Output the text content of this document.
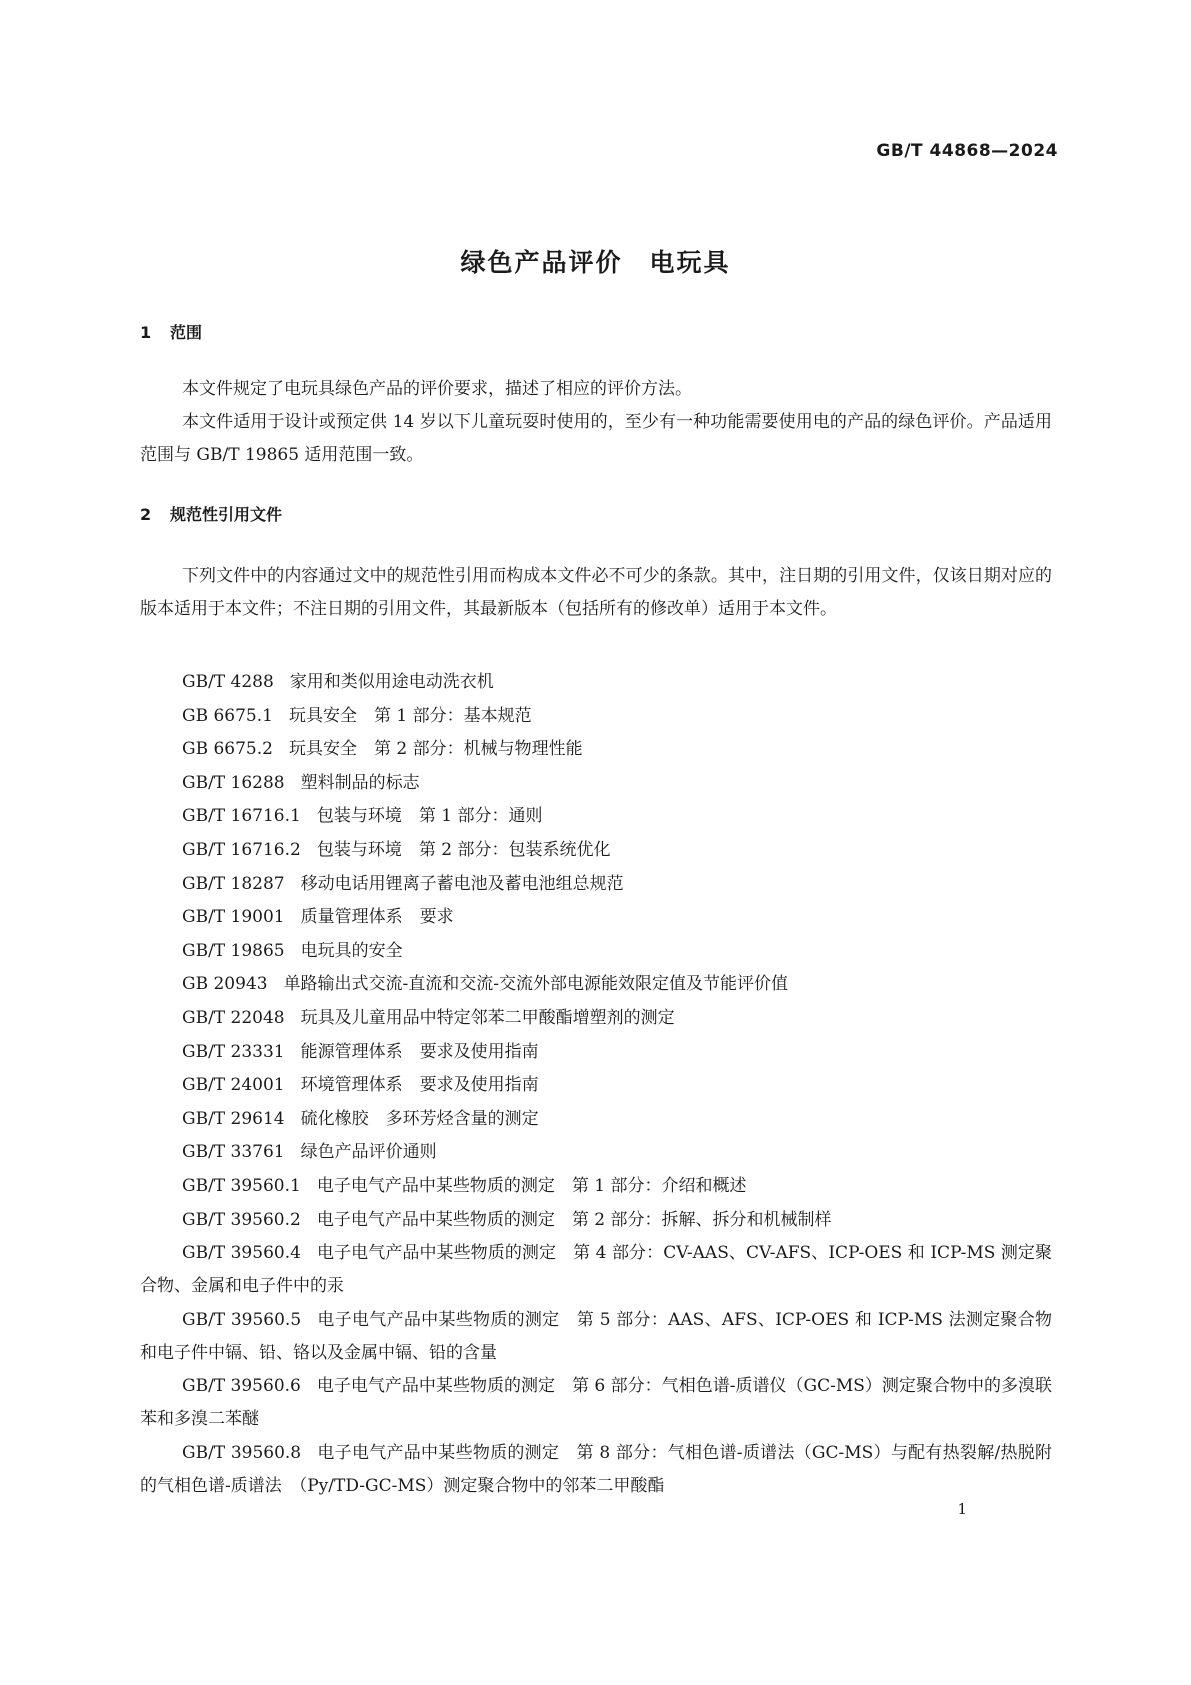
GB/T 44868—2024
绿色产品评价　电玩具
1 范围
本文件规定了电玩具绿色产品的评价要求，描述了相应的评价方法。
本文件适用于设计或预定供 14 岁以下儿童玩耍时使用的，至少有一种功能需要使用电的产品的绿色评价。产品适用范围与 GB/T 19865 适用范围一致。
2 规范性引用文件
下列文件中的内容通过文中的规范性引用而构成本文件必不可少的条款。其中，注日期的引用文件，仅该日期对应的版本适用于本文件；不注日期的引用文件，其最新版本（包括所有的修改单）适用于本文件。
GB/T 4288 家用和类似用途电动洗衣机
GB 6675.1 玩具安全　第 1 部分：基本规范
GB 6675.2 玩具安全　第 2 部分：机械与物理性能
GB/T 16288 塑料制品的标志
GB/T 16716.1 包装与环境　第 1 部分：通则
GB/T 16716.2 包装与环境　第 2 部分：包装系统优化
GB/T 18287 移动电话用锂离子蓄电池及蓄电池组总规范
GB/T 19001 质量管理体系　要求
GB/T 19865 电玩具的安全
GB 20943 单路输出式交流-直流和交流-交流外部电源能效限定值及节能评价值
GB/T 22048 玩具及儿童用品中特定邻苯二甲酸酯增塑剂的测定
GB/T 23331 能源管理体系　要求及使用指南
GB/T 24001 环境管理体系　要求及使用指南
GB/T 29614 硫化橡胶　多环芳烃含量的测定
GB/T 33761 绿色产品评价通则
GB/T 39560.1 电子电气产品中某些物质的测定　第 1 部分：介绍和概述
GB/T 39560.2 电子电气产品中某些物质的测定　第 2 部分：拆解、拆分和机械制样
GB/T 39560.4 电子电气产品中某些物质的测定　第 4 部分：CV-AAS、CV-AFS、ICP-OES 和 ICP-MS 测定聚合物、金属和电子件中的汞
GB/T 39560.5 电子电气产品中某些物质的测定　第 5 部分：AAS、AFS、ICP-OES 和 ICP-MS 法测定聚合物和电子件中镉、铅、铬以及金属中镉、铅的含量
GB/T 39560.6 电子电气产品中某些物质的测定　第 6 部分：气相色谱-质谱仪（GC-MS）测定聚合物中的多溴联苯和多溴二苯醚
GB/T 39560.8 电子电气产品中某些物质的测定　第 8 部分：气相色谱-质谱法（GC-MS）与配有热裂解/热脱附的气相色谱-质谱法　（Py/TD-GC-MS）测定聚合物中的邻苯二甲酸酯
1
